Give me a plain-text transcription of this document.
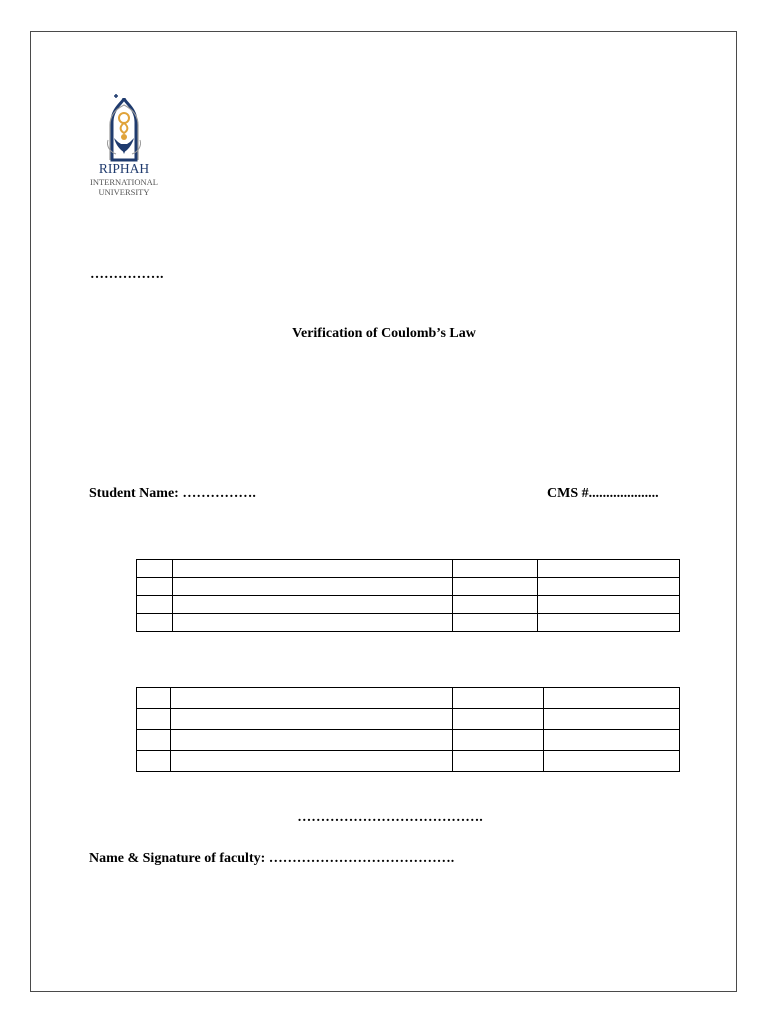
RIPHAH
INTERNATIONAL
UNIVERSITY
…………….
Verification of Coulomb’s Law
Student Name: …………….	CMS #....................

………………………………….
Name & Signature of faculty: ………………………………….
